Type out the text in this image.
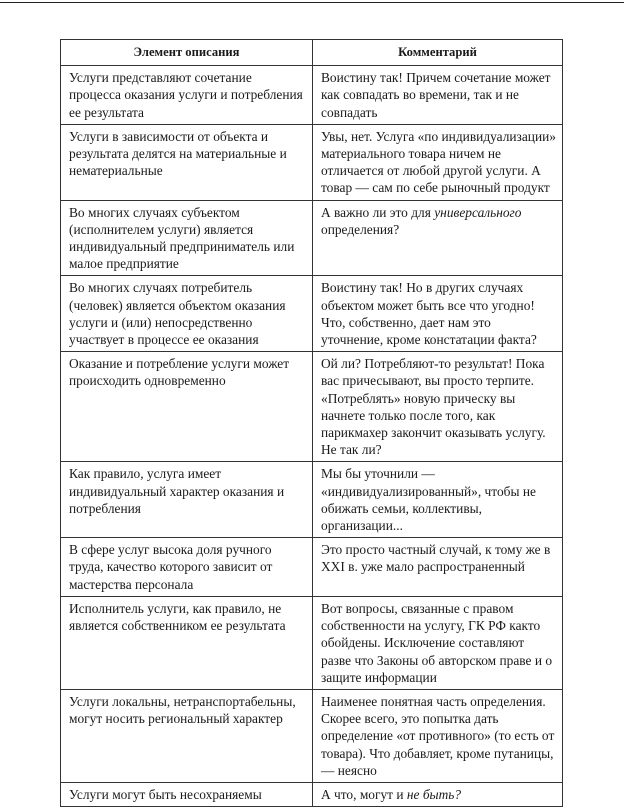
Элемент описания	Комментарий
Услуги представляют сочетание процесса оказания услуги и потребления ее результата	Воистину так! Причем сочетание может как совпадать во времени, так и не совпадать
Услуги в зависимости от объекта и результата делятся на материальные и нематериальные	Увы, нет. Услуга «по индивидуализации» материального товара ничем не отличается от любой другой услуги. А товар — сам по себе рыночный продукт
Во многих случаях субъектом (исполнителем услуги) является индивидуальный предприниматель или малое предприятие	А важно ли это для универсального определения?
Во многих случаях потребитель (человек) является объектом оказания услуги и (или) непосредственно участвует в процессе ее оказания	Воистину так! Но в других случаях объектом может быть все что угодно! Что, собственно, дает нам это уточнение, кроме констатации факта?
Оказание и потребление услуги может происходить одновременно	Ой ли? Потребляют-то результат! Пока вас причесывают, вы просто терпите. «Потреблять» новую прическу вы начнете только после того, как парикмахер закончит оказывать услугу. Не так ли?
Как правило, услуга имеет индивидуальный характер оказания и потребления	Мы бы уточнили — «индивидуализированный», чтобы не обижать семьи, коллективы, организации...
В сфере услуг высока доля ручного труда, качество которого зависит от мастерства персонала	Это просто частный случай, к тому же в XXI в. уже мало распространенный
Исполнитель услуги, как правило, не является собственником ее результата	Вот вопросы, связанные с правом собственности на услугу, ГК РФ както обойдены. Исключение составляют разве что Законы об авторском праве и о защите информации
Услуги локальны, нетранспортабельны, могут носить региональный характер	Наименее понятная часть определения. Скорее всего, это попытка дать определение «от противного» (то есть от товара). Что добавляет, кроме путаницы, — неясно
Услуги могут быть несохраняемы	А что, могут и не быть?
